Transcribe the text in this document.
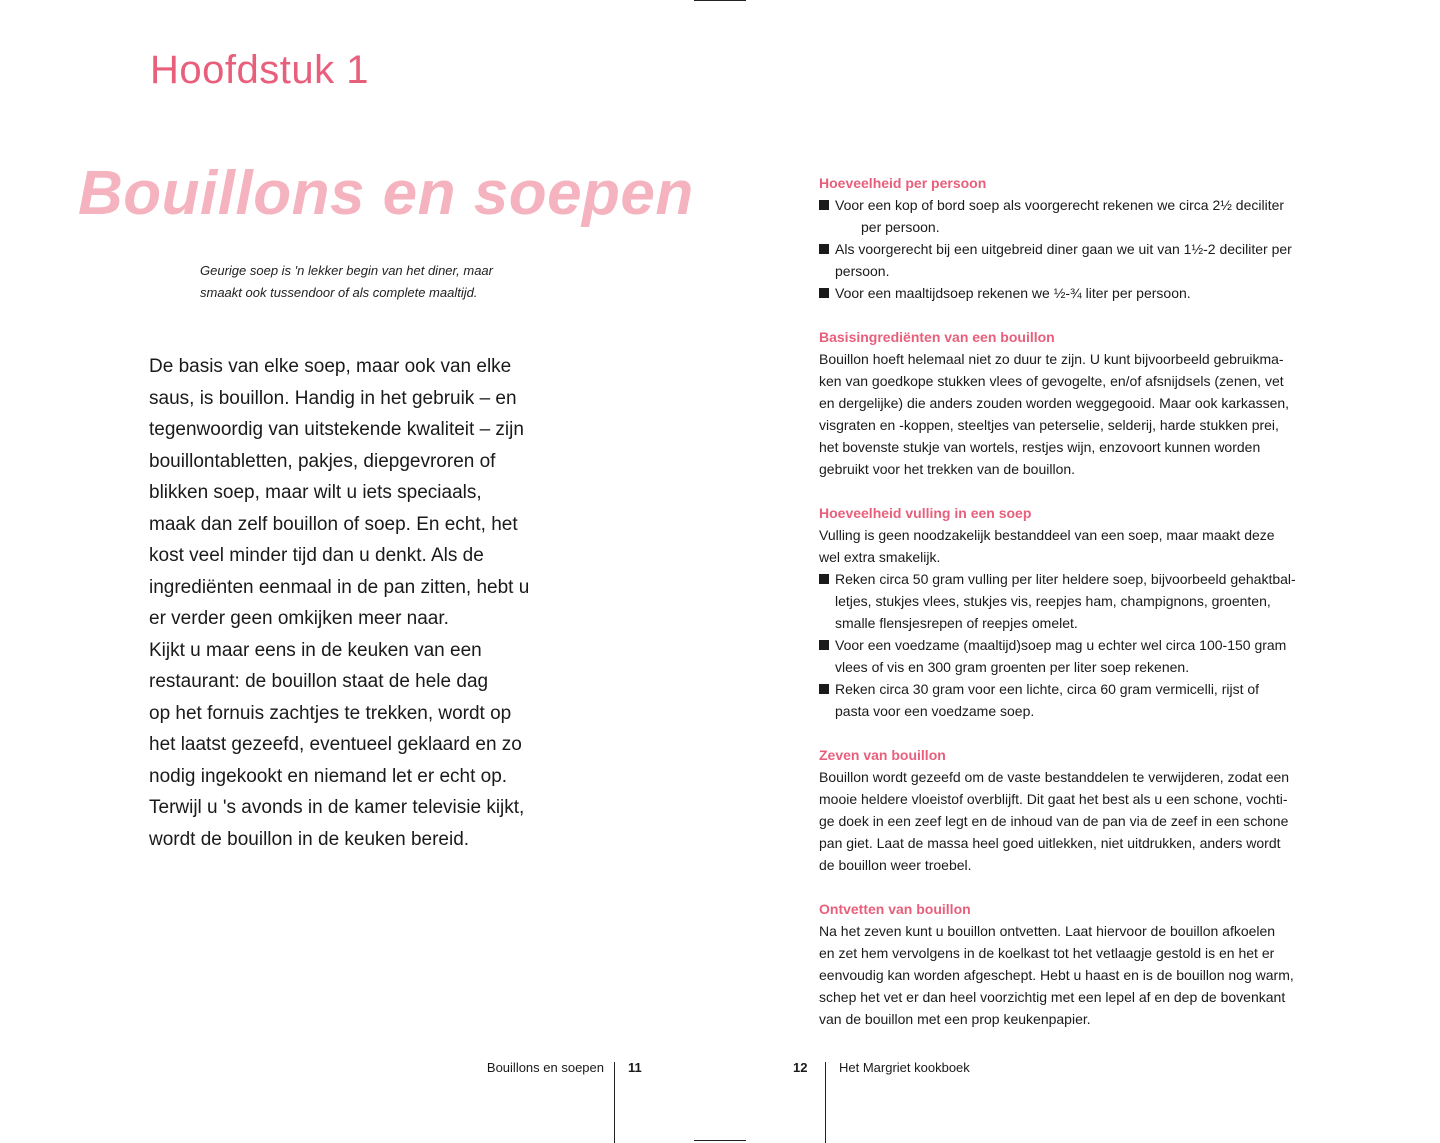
Hoofdstuk 1
Bouillons en soepen
Geurige soep is 'n lekker begin van het diner, maar
smaakt ook tussendoor of als complete maaltijd.
De basis van elke soep, maar ook van elke
saus, is bouillon. Handig in het gebruik – en
tegenwoordig van uitstekende kwaliteit – zijn
bouillontabletten, pakjes, diepgevroren of
blikken soep, maar wilt u iets speciaals,
maak dan zelf bouillon of soep. En echt, het
kost veel minder tijd dan u denkt. Als de
ingrediënten eenmaal in de pan zitten, hebt u
er verder geen omkijken meer naar.
Kijkt u maar eens in de keuken van een
restaurant: de bouillon staat de hele dag
op het fornuis zachtjes te trekken, wordt op
het laatst gezeefd, eventueel geklaard en zo
nodig ingekookt en niemand let er echt op.
Terwijl u 's avonds in de kamer televisie kijkt,
wordt de bouillon in de keuken bereid.
Hoeveelheid per persoon
Voor een kop of bord soep als voorgerecht rekenen we circa 2½ deciliter
per persoon.
Als voorgerecht bij een uitgebreid diner gaan we uit van 1½-2 deciliter per
persoon.
Voor een maaltijdsoep rekenen we ½-¾ liter per persoon.
Basisingrediënten van een bouillon
Bouillon hoeft helemaal niet zo duur te zijn. U kunt bijvoorbeeld gebruikma-
ken van goedkope stukken vlees of gevogelte, en/of afsnijdsels (zenen, vet
en dergelijke) die anders zouden worden weggegooid. Maar ook karkassen,
visgraten en -koppen, steeltjes van peterselie, selderij, harde stukken prei,
het bovenste stukje van wortels, restjes wijn, enzovoort kunnen worden
gebruikt voor het trekken van de bouillon.
Hoeveelheid vulling in een soep
Vulling is geen noodzakelijk bestanddeel van een soep, maar maakt deze
wel extra smakelijk.
Reken circa 50 gram vulling per liter heldere soep, bijvoorbeeld gehaktbal-
letjes, stukjes vlees, stukjes vis, reepjes ham, champignons, groenten,
smalle flensjesrepen of reepjes omelet.
Voor een voedzame (maaltijd)soep mag u echter wel circa 100-150 gram
vlees of vis en 300 gram groenten per liter soep rekenen.
Reken circa 30 gram voor een lichte, circa 60 gram vermicelli, rijst of
pasta voor een voedzame soep.
Zeven van bouillon
Bouillon wordt gezeefd om de vaste bestanddelen te verwijderen, zodat een
mooie heldere vloeistof overblijft. Dit gaat het best als u een schone, vochti-
ge doek in een zeef legt en de inhoud van de pan via de zeef in een schone
pan giet. Laat de massa heel goed uitlekken, niet uitdrukken, anders wordt
de bouillon weer troebel.
Ontvetten van bouillon
Na het zeven kunt u bouillon ontvetten. Laat hiervoor de bouillon afkoelen
en zet hem vervolgens in de koelkast tot het vetlaagje gestold is en het er
eenvoudig kan worden afgeschept. Hebt u haast en is de bouillon nog warm,
schep het vet er dan heel voorzichtig met een lepel af en dep de bovenkant
van de bouillon met een prop keukenpapier.
Bouillons en soepen 11	12 Het Margriet kookboek
